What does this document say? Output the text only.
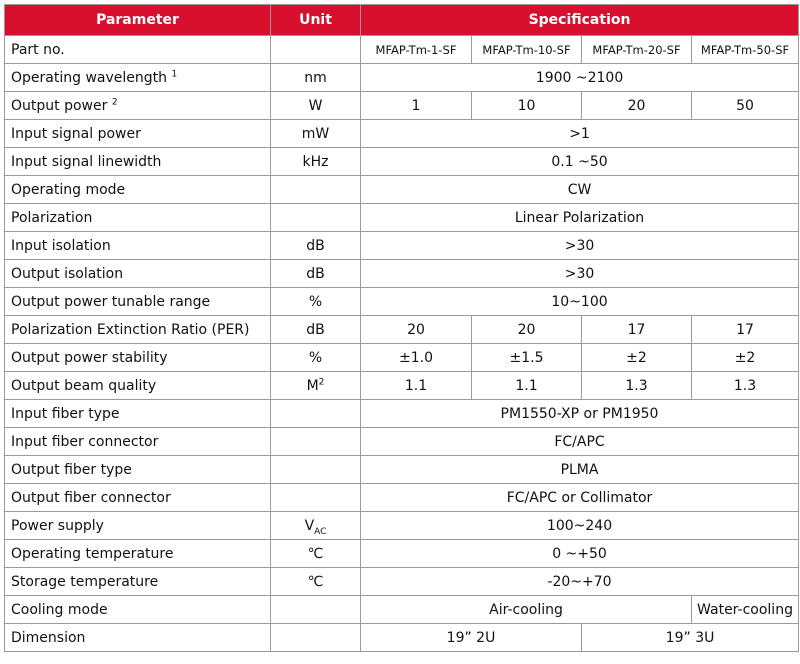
Parameter	Unit	Specification			
Part no.		MFAP-Tm-1-SF	MFAP-Tm-10-SF	MFAP-Tm-20-SF	MFAP-Tm-50-SF
Operating wavelength $^1$	nm	1900 ~2100			
Output power $^2$	W	1	10	20	50
Input signal power	mW	>1			
Input signal linewidth	kHz	0.1 ~50			
Operating mode		CW			
Polarization		Linear Polarization			
Input isolation	dB	>30			
Output isolation	dB	>30			
Output power tunable range	%	10~100			
Polarization Extinction Ratio (PER)	dB	20	20	17	17
Output power stability	%	±1.0	±1.5	±2	±2
Output beam quality	$M^2$	1.1	1.1	1.3	1.3
Input fiber type		PM1550-XP or PM1950			
Input fiber connector		FC/APC			
Output fiber type		PLMA			
Output fiber connector		FC/APC or Collimator			
Power supply	$V_{AC}$	100~240			
Operating temperature	℃	0 ~+50			
Storage temperature	℃	-20~+70			
Cooling mode		Air-cooling			Water-cooling
Dimension		19” 2U		19” 3U	
